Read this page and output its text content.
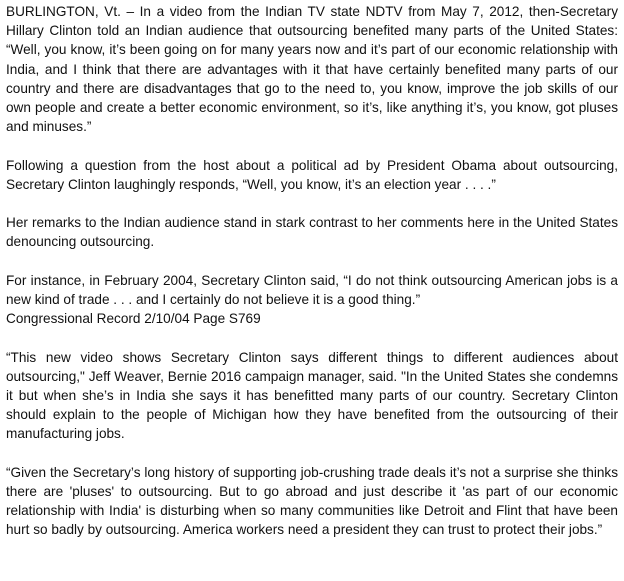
BURLINGTON, Vt. – In a video from the Indian TV state NDTV from May 7, 2012, then-Secretary Hillary Clinton told an Indian audience that outsourcing benefited many parts of the United States: “Well, you know, it’s been going on for many years now and it’s part of our economic relationship with India, and I think that there are advantages with it that have certainly benefited many parts of our country and there are disadvantages that go to the need to, you know, improve the job skills of our own people and create a better economic environment, so it’s, like anything it’s, you know, got pluses and minuses.”

Following a question from the host about a political ad by President Obama about outsourcing, Secretary Clinton laughingly responds, “Well, you know, it’s an election year . . . .”

Her remarks to the Indian audience stand in stark contrast to her comments here in the United States denouncing outsourcing.

For instance, in February 2004, Secretary Clinton said, “I do not think outsourcing American jobs is a new kind of trade . . . and I certainly do not believe it is a good thing.”

Congressional Record 2/10/04 Page S769

“This new video shows Secretary Clinton says different things to different audiences about outsourcing," Jeff Weaver, Bernie 2016 campaign manager, said. "In the United States she condemns it but when she’s in India she says it has benefitted many parts of our country. Secretary Clinton should explain to the people of Michigan how they have benefited from the outsourcing of their manufacturing jobs.

“Given the Secretary’s long history of supporting job-crushing trade deals it’s not a surprise she thinks there are 'pluses' to outsourcing. But to go abroad and just describe it 'as part of our economic relationship with India' is disturbing when so many communities like Detroit and Flint that have been hurt so badly by outsourcing. America workers need a president they can trust to protect their jobs.”
